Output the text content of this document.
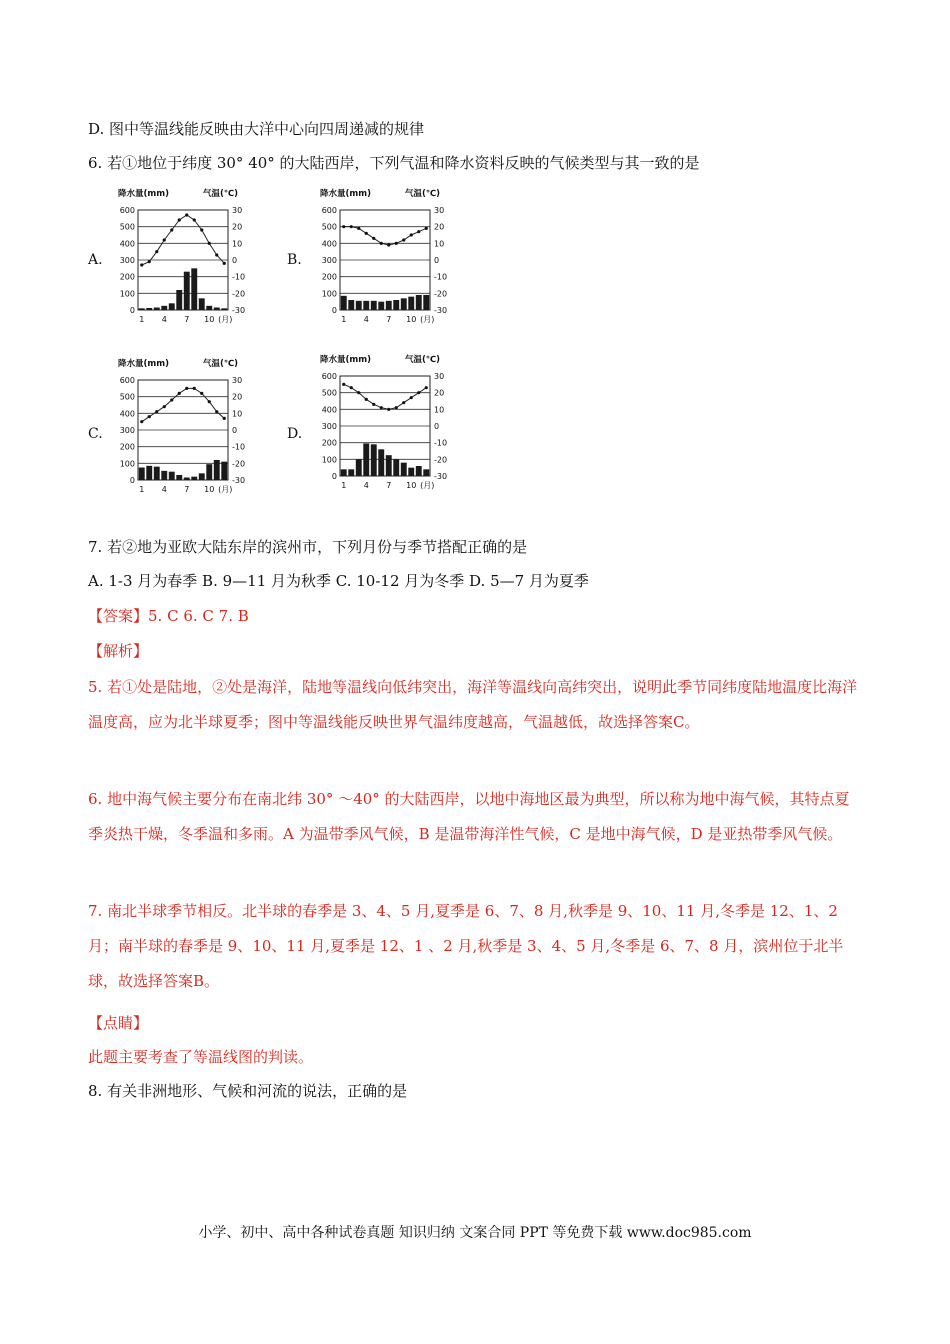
D. 图中等温线能反映由大洋中心向四周递减的规律
6. 若①地位于纬度 30° 40° 的大陆西岸，下列气温和降水资料反映的气候类型与其一致的是
A.
降水量(mm)	气温(℃)
600	30
500	20
400	10
300	0
200	-10
100	-20
0	-30
1 4 7 10 (月)
B.
降水量(mm)	气温(℃)
600	30
500	20
400	10
300	0
200	-10
100	-20
0	-30
1 4 7 10 (月)
C.
降水量(mm)	气温(℃)
600	30
500	20
400	10
300	0
200	-10
100	-20
0	-30
1 4 7 10 (月)
D.
降水量(mm)	气温(℃)
600	30
500	20
400	10
300	0
200	-10
100	-20
0	-30
1 4 7 10 (月)
7. 若②地为亚欧大陆东岸的滨州市，下列月份与季节搭配正确的是
A. 1-3 月为春季 B. 9—11 月为秋季 C. 10-12 月为冬季 D. 5—7 月为夏季
【答案】5. C 6. C 7. B
【解析】
5. 若①处是陆地，②处是海洋，陆地等温线向低纬突出，海洋等温线向高纬突出，说明此季节同纬度陆地温度比海洋温度高，应为北半球夏季；图中等温线能反映世界气温纬度越高，气温越低，故选择答案C。
6. 地中海气候主要分布在南北纬 30° ～40° 的大陆西岸，以地中海地区最为典型，所以称为地中海气候，其特点夏季炎热干燥，冬季温和多雨。A 为温带季风气候，B 是温带海洋性气候，C 是地中海气候，D 是亚热带季风气候。
7. 南北半球季节相反。北半球的春季是 3、4、5 月,夏季是 6、7、8 月,秋季是 9、10、11 月,冬季是 12、1、2 月；南半球的春季是 9、10、11 月,夏季是 12、1 、2 月,秋季是 3、4、5 月,冬季是 6、7、8 月，滨州位于北半球，故选择答案B。
【点睛】
此题主要考查了等温线图的判读。
8. 有关非洲地形、气候和河流的说法，正确的是
小学、初中、高中各种试卷真题 知识归纳 文案合同 PPT 等免费下载 www.doc985.com
